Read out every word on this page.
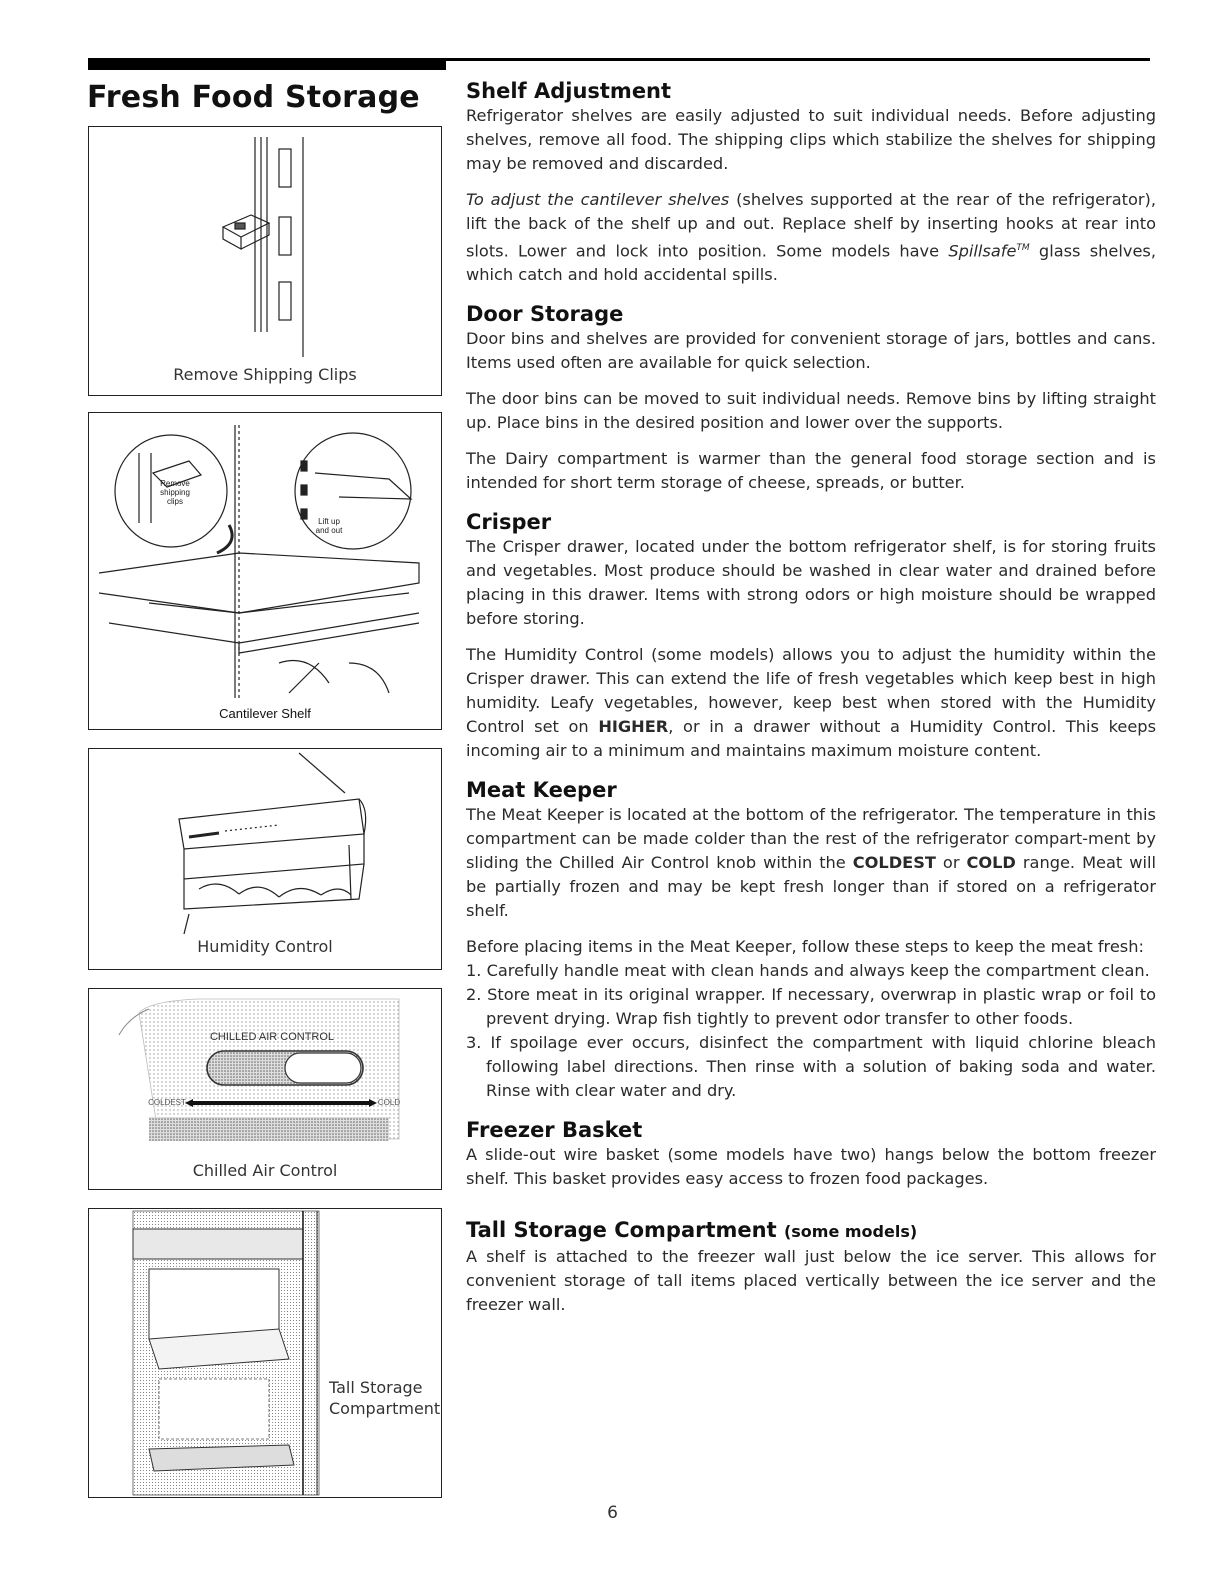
Fresh Food Storage
Remove Shipping Clips
Remove shipping clips
Lift up and out
Cantilever Shelf
Humidity Control
CHILLED AIR CONTROL
COLDEST	COLD
Chilled Air Control
Tall Storage Compartment
Shelf Adjustment

Refrigerator shelves are easily adjusted to suit individual needs. Before adjusting shelves, remove all food. The shipping clips which stabilize the shelves for shipping may be removed and discarded.

To adjust the cantilever shelves (shelves supported at the rear of the refrigerator), lift the back of the shelf up and out. Replace shelf by inserting hooks at rear into slots. Lower and lock into position. Some models have Spillsafe™ glass shelves, which catch and hold accidental spills.

Door Storage

Door bins and shelves are provided for convenient storage of jars, bottles and cans. Items used often are available for quick selection.

The door bins can be moved to suit individual needs. Remove bins by lifting straight up. Place bins in the desired position and lower over the supports.

The Dairy compartment is warmer than the general food storage section and is intended for short term storage of cheese, spreads, or butter.

Crisper

The Crisper drawer, located under the bottom refrigerator shelf, is for storing fruits and vegetables. Most produce should be washed in clear water and drained before placing in this drawer. Items with strong odors or high moisture should be wrapped before storing.

The Humidity Control (some models) allows you to adjust the humidity within the Crisper drawer. This can extend the life of fresh vegetables which keep best in high humidity. Leafy vegetables, however, keep best when stored with the Humidity Control set on HIGHER, or in a drawer without a Humidity Control. This keeps incoming air to a minimum and maintains maximum moisture content.

Meat Keeper

The Meat Keeper is located at the bottom of the refrigerator. The temperature in this compartment can be made colder than the rest of the refrigerator compart-ment by sliding the Chilled Air Control knob within the COLDEST or COLD range. Meat will be partially frozen and may be kept fresh longer than if stored on a refrigerator shelf.

Before placing items in the Meat Keeper, follow these steps to keep the meat fresh:

1. Carefully handle meat with clean hands and always keep the compartment clean.
2. Store meat in its original wrapper. If necessary, overwrap in plastic wrap or foil to prevent drying. Wrap fish tightly to prevent odor transfer to other foods.
3. If spoilage ever occurs, disinfect the compartment with liquid chlorine bleach following label directions. Then rinse with a solution of baking soda and water. Rinse with clear water and dry.
Freezer Basket

A slide-out wire basket (some models have two) hangs below the bottom freezer shelf. This basket provides easy access to frozen food packages.

Tall Storage Compartment (some models)

A shelf is attached to the freezer wall just below the ice server. This allows for convenient storage of tall items placed vertically between the ice server and the freezer wall.

6
